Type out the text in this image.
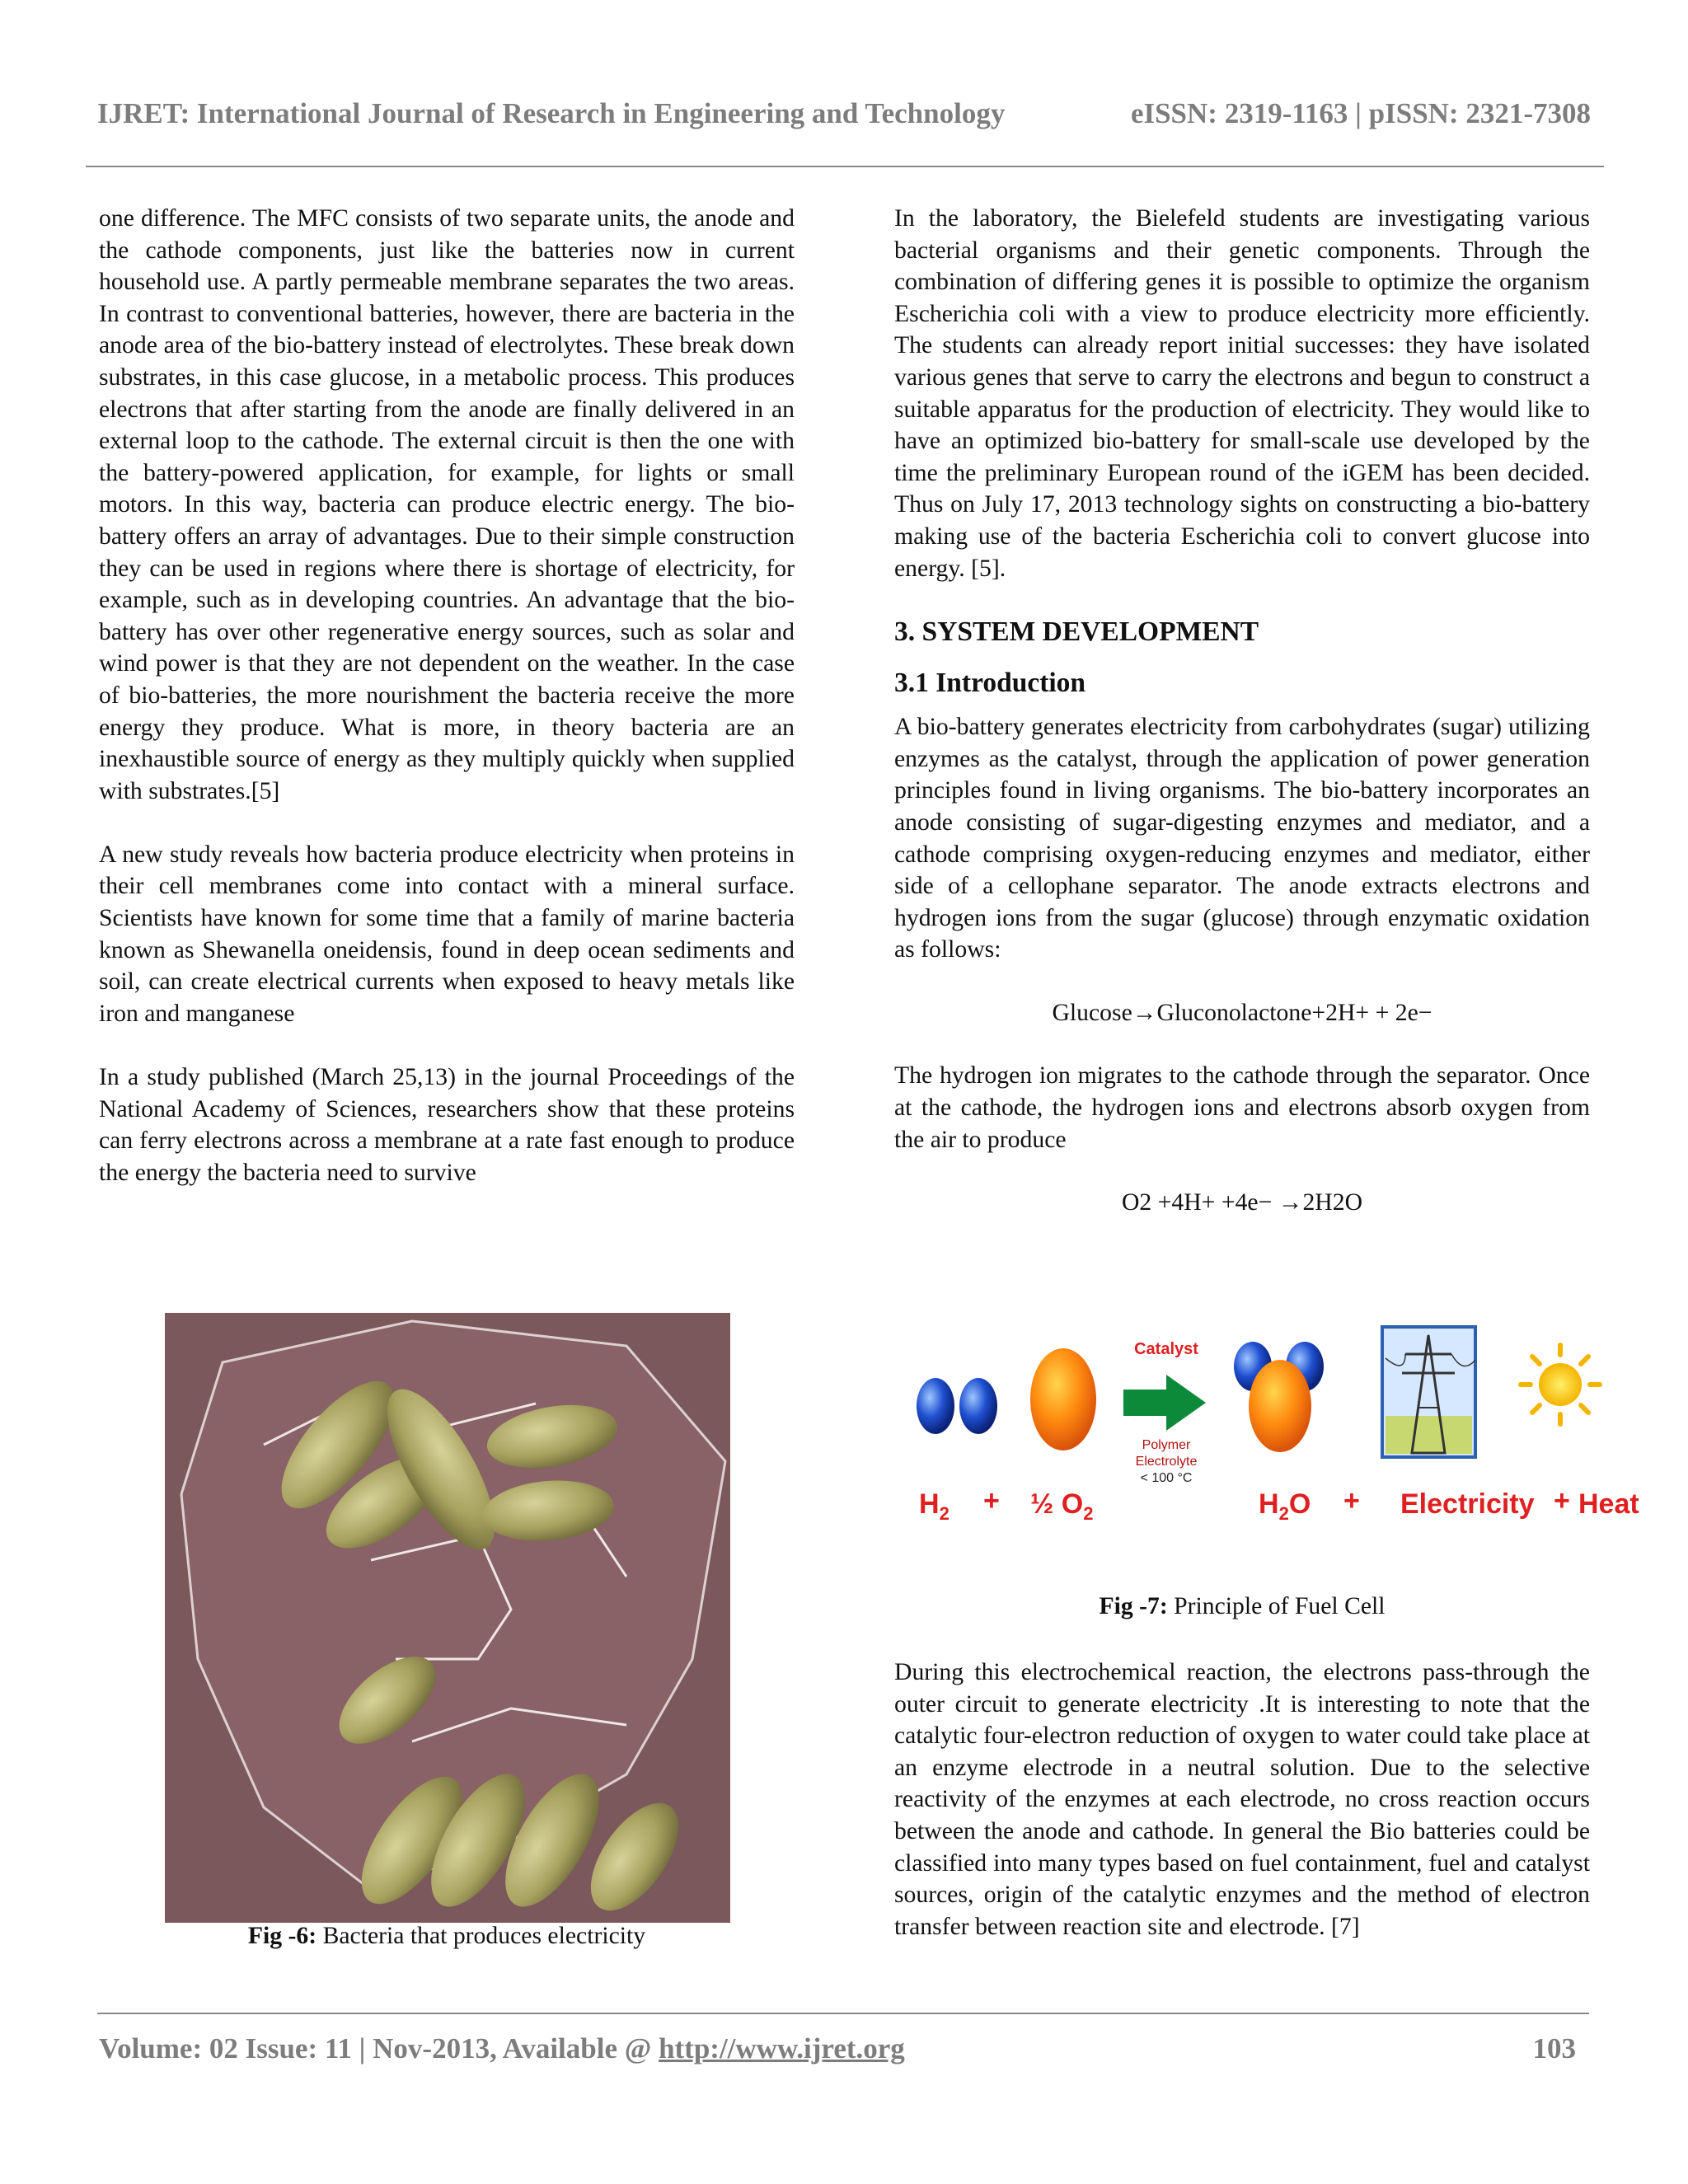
IJRET: International Journal of Research in Engineering and Technology	eISSN: 2319-1163 | pISSN: 2321-7308

one difference. The MFC consists of two separate units, the anode and the cathode components, just like the batteries now in current household use. A partly permeable membrane separates the two areas. In contrast to conventional batteries, however, there are bacteria in the anode area of the bio-battery instead of electrolytes. These break down substrates, in this case glucose, in a metabolic process. This produces electrons that after starting from the anode are finally delivered in an external loop to the cathode. The external circuit is then the one with the battery-powered application, for example, for lights or small motors. In this way, bacteria can produce electric energy. The bio-battery offers an array of advantages. Due to their simple construction they can be used in regions where there is shortage of electricity, for example, such as in developing countries. An advantage that the bio-battery has over other regenerative energy sources, such as solar and wind power is that they are not dependent on the weather. In the case of bio-batteries, the more nourishment the bacteria receive the more energy they produce. What is more, in theory bacteria are an inexhaustible source of energy as they multiply quickly when supplied with substrates.[5]

A new study reveals how bacteria produce electricity when proteins in their cell membranes come into contact with a mineral surface. Scientists have known for some time that a family of marine bacteria known as Shewanella oneidensis, found in deep ocean sediments and soil, can create electrical currents when exposed to heavy metals like iron and manganese

In a study published (March 25,13) in the journal Proceedings of the National Academy of Sciences, researchers show that these proteins can ferry electrons across a membrane at a rate fast enough to produce the energy the bacteria need to survive

Fig -6: Bacteria that produces electricity

In the laboratory, the Bielefeld students are investigating various bacterial organisms and their genetic components. Through the combination of differing genes it is possible to optimize the organism Escherichia coli with a view to produce electricity more efficiently. The students can already report initial successes: they have isolated various genes that serve to carry the electrons and begun to construct a suitable apparatus for the production of electricity. They would like to have an optimized bio-battery for small-scale use developed by the time the preliminary European round of the iGEM has been decided. Thus on July 17, 2013 technology sights on constructing a bio-battery making use of the bacteria Escherichia coli to convert glucose into energy. [5].

3. SYSTEM DEVELOPMENT
3.1 Introduction

A bio-battery generates electricity from carbohydrates (sugar) utilizing enzymes as the catalyst, through the application of power generation principles found in living organisms. The bio-battery incorporates an anode consisting of sugar-digesting enzymes and mediator, and a cathode comprising oxygen-reducing enzymes and mediator, either side of a cellophane separator. The anode extracts electrons and hydrogen ions from the sugar (glucose) through enzymatic oxidation as follows:

Glucose→Gluconolactone+2H+ + 2e−

The hydrogen ion migrates to the cathode through the separator. Once at the cathode, the hydrogen ions and electrons absorb oxygen from the air to produce

O2 +4H+ +4e− →2H2O
Catalyst
Polymer
Electrolyte
< 100 °C
$H_2$ + ½ $O_2$	$H_2O$ + Electricity + Heat
Fig -7: Principle of Fuel Cell

During this electrochemical reaction, the electrons pass-through the outer circuit to generate electricity .It is interesting to note that the catalytic four-electron reduction of oxygen to water could take place at an enzyme electrode in a neutral solution. Due to the selective reactivity of the enzymes at each electrode, no cross reaction occurs between the anode and cathode. In general the Bio batteries could be classified into many types based on fuel containment, fuel and catalyst sources, origin of the catalytic enzymes and the method of electron transfer between reaction site and electrode. [7]

Volume: 02 Issue: 11 | Nov-2013, Available @ http://www.ijret.org	103
